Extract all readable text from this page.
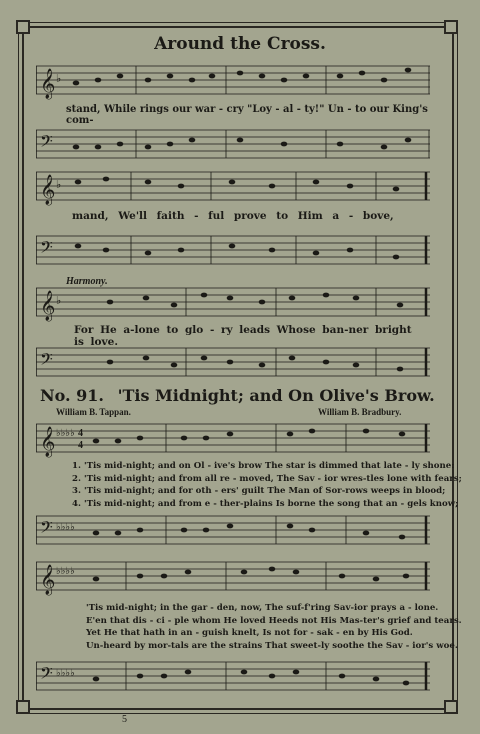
Around the Cross.
𝄞 ♭
stand, While rings our war - cry "Loy - al - ty!" Un - to our King's com-
𝄢
𝄞 ♭
mand, We'll faith - ful prove to Him a - bove,
𝄢
Harmony.
𝄞 ♭
For He a-lone to glo - ry leads Whose ban-ner bright is love.
𝄢
No. 91. 'Tis Midnight; and On Olive's Brow.
William B. Tappan.	William B. Bradbury.
𝄞 ♭♭♭♭ 4
4
1. 'Tis mid-night; and on Ol - ive's brow The star is dimmed that late - ly shone:
2. 'Tis mid-night; and from all re - moved, The Sav - ior wres-tles lone with fears;
3. 'Tis mid-night; and for oth - ers' guilt The Man of Sor-rows weeps in blood;
4. 'Tis mid-night; and from e - ther-plains Is borne the song that an - gels know;
𝄢 ♭♭♭♭
𝄞 ♭♭♭♭
'Tis mid-night; in the gar - den, now, The suf-f'ring Sav-ior prays a - lone.
E'en that dis - ci - ple whom He loved Heeds not His Mas-ter's grief and tears.
Yet He that hath in an - guish knelt, Is not for - sak - en by His God.
Un-heard by mor-tals are the strains That sweet-ly soothe the Sav - ior's woe.
𝄢 ♭♭♭♭
5
